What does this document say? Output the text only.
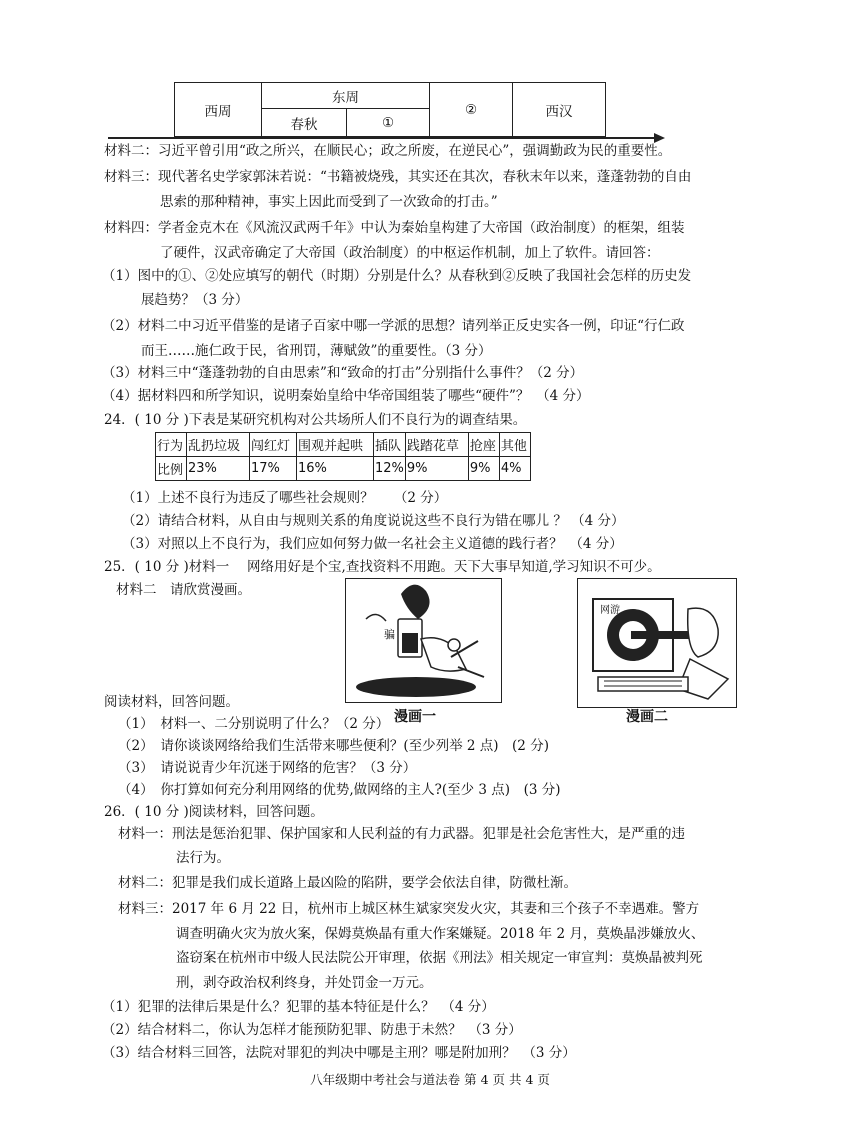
西周	东周		②	西汉
	春秋	①		
材料二：习近平曾引用“政之所兴，在顺民心；政之所废，在逆民心”，强调勤政为民的重要性。
材料三：现代著名史学家郭沫若说：“书籍被烧残，其实还在其次，春秋末年以来，蓬蓬勃勃的自由
思索的那种精神，事实上因此而受到了一次致命的打击。”
材料四：学者金克木在《风流汉武两千年》中认为秦始皇构建了大帝国（政治制度）的框架，组装
了硬件，汉武帝确定了大帝国（政治制度）的中枢运作机制，加上了软件。请回答：
（1）图中的①、②处应填写的朝代（时期）分别是什么？从春秋到②反映了我国社会怎样的历史发
展趋势？（3 分）
（2）材料二中习近平借鉴的是诸子百家中哪一学派的思想？请列举正反史实各一例，印证“行仁政
而王……施仁政于民，省刑罚，薄赋敛”的重要性。（3 分）
（3）材料三中“蓬蓬勃勃的自由思索”和“致命的打击”分别指什么事件？（2 分）
（4）据材料四和所学知识，说明秦始皇给中华帝国组装了哪些“硬件”？　（4 分）
24．( 10 分 )下表是某研究机构对公共场所人们不良行为的调查结果。
行为	乱扔垃圾	闯红灯	围观并起哄	插队	践踏花草	抢座	其他
比例	23%	17%	16%	12%	9%	9%	4%
（1）上述不良行为违反了哪些社会规则？　　（2 分）
（2）请结合材料，从自由与规则关系的角度说说这些不良行为错在哪儿 ？ （4 分）
（3）对照以上不良行为，我们应如何努力做一名社会主义道德的践行者？　（4 分）
25．( 10 分 )材料一　 网络用好是个宝,查找资料不用跑。天下大事早知道,学习知识不可少。
材料二　请欣赏漫画。
阅读材料，回答问题。
骗
漫画一
网游
漫画二
（1）　材料一、二分别说明了什么？（2 分）
（2）　请你谈谈网络给我们生活带来哪些便利？(至少列举 2 点)　(2 分)
（3）　请说说青少年沉迷于网络的危害？（3 分）
（4）　你打算如何充分利用网络的优势,做网络的主人?(至少 3 点)　(3 分)
26．( 10 分 )阅读材料，回答问题。
材料一：刑法是惩治犯罪、保护国家和人民利益的有力武器。犯罪是社会危害性大，是严重的违
法行为。
材料二：犯罪是我们成长道路上最凶险的陷阱，要学会依法自律，防微杜渐。
材料三：2017 年 6 月 22 日，杭州市上城区林生斌家突发火灾，其妻和三个孩子不幸遇难。警方
调查明确火灾为放火案，保姆莫焕晶有重大作案嫌疑。2018 年 2 月，莫焕晶涉嫌放火、
盗窃案在杭州市中级人民法院公开审理，依据《刑法》相关规定一审宣判：莫焕晶被判死
刑，剥夺政治权利终身，并处罚金一万元。
（1）犯罪的法律后果是什么？犯罪的基本特征是什么？　（4 分）
（2）结合材料二，你认为怎样才能预防犯罪、防患于未然？　（3 分）
（3）结合材料三回答，法院对罪犯的判决中哪是主刑？哪是附加刑？　（3 分）
八年级期中考社会与道法卷 第 4 页 共 4 页
